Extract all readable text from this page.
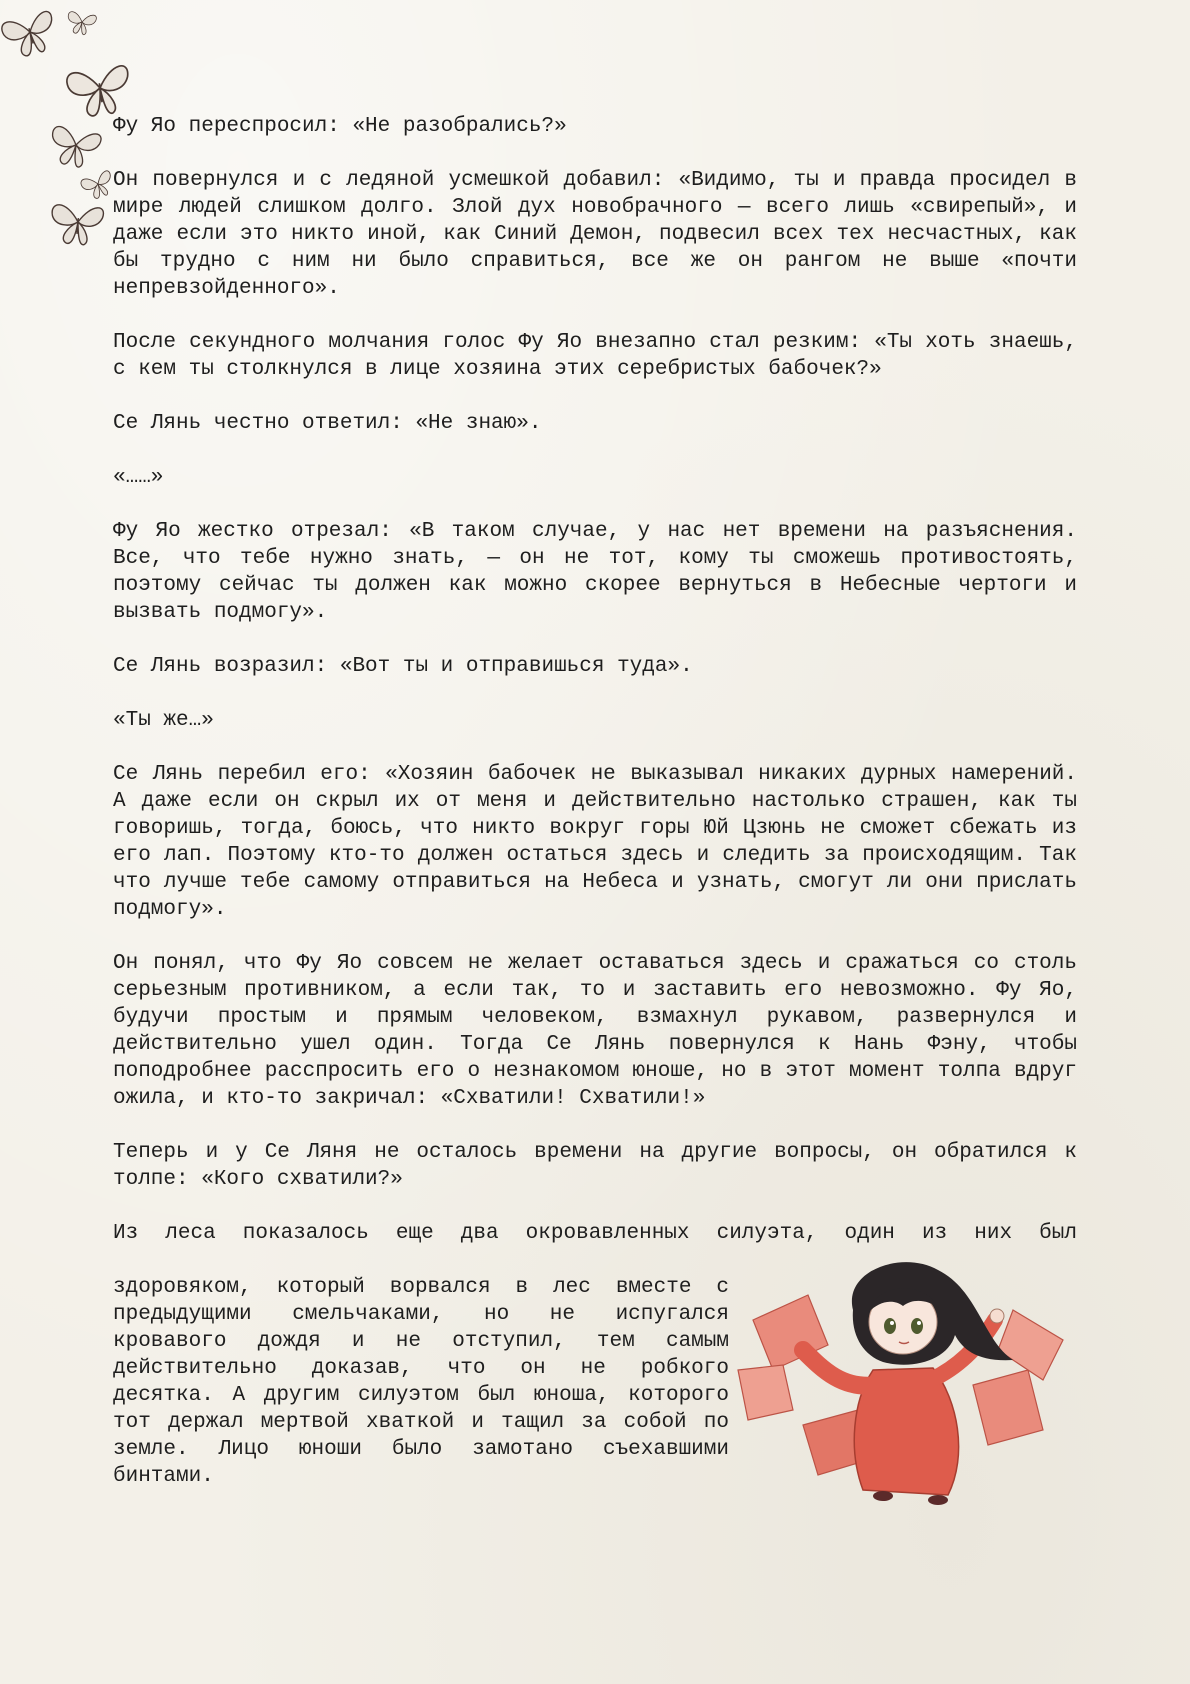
Фу Яо переспросил: «Не разобрались?»

Он повернулся и с ледяной усмешкой добавил: «Видимо, ты и правда просидел в мире людей слишком долго. Злой дух новобрачного — всего лишь «свирепый», и даже если это никто иной, как Синий Демон, подвесил всех тех несчастных, как бы трудно с ним ни было справиться, все же он рангом не выше «почти непревзойденного».

После секундного молчания голос Фу Яо внезапно стал резким: «Ты хоть знаешь, с кем ты столкнулся в лице хозяина этих серебристых бабочек?»

Се Лянь честно ответил: «Не знаю».

«……»

Фу Яо жестко отрезал: «В таком случае, у нас нет времени на разъяснения. Все, что тебе нужно знать, — он не тот, кому ты сможешь противостоять, поэтому сейчас ты должен как можно скорее вернуться в Небесные чертоги и вызвать подмогу».

Се Лянь возразил: «Вот ты и отправишься туда».

«Ты же…»

Се Лянь перебил его: «Хозяин бабочек не выказывал никаких дурных намерений. А даже если он скрыл их от меня и действительно настолько страшен, как ты говоришь, тогда, боюсь, что никто вокруг горы Юй Цзюнь не сможет сбежать из его лап. Поэтому кто-то должен остаться здесь и следить за происходящим. Так что лучше тебе самому отправиться на Небеса и узнать, смогут ли они прислать подмогу».

Он понял, что Фу Яо совсем не желает оставаться здесь и сражаться со столь серьезным противником, а если так, то и заставить его невозможно. Фу Яо, будучи простым и прямым человеком, взмахнул рукавом, развернулся и действительно ушел один. Тогда Се Лянь повернулся к Нань Фэну, чтобы поподробнее расспросить его о незнакомом юноше, но в этот момент толпа вдруг ожила, и кто-то закричал: «Схватили! Схватили!»

Теперь и у Се Ляня не осталось времени на другие вопросы, он обратился к толпе: «Кого схватили?»

Из леса показалось еще два окровавленных силуэта, один из них был

здоровяком, который ворвался в лес вместе с предыдущими смельчаками, но не испугался кровавого дождя и не отступил, тем самым действительно доказав, что он не робкого десятка. А другим силуэтом был юноша, которого тот держал мертвой хваткой и тащил за собой по земле. Лицо юноши было замотано съехавшими бинтами.
